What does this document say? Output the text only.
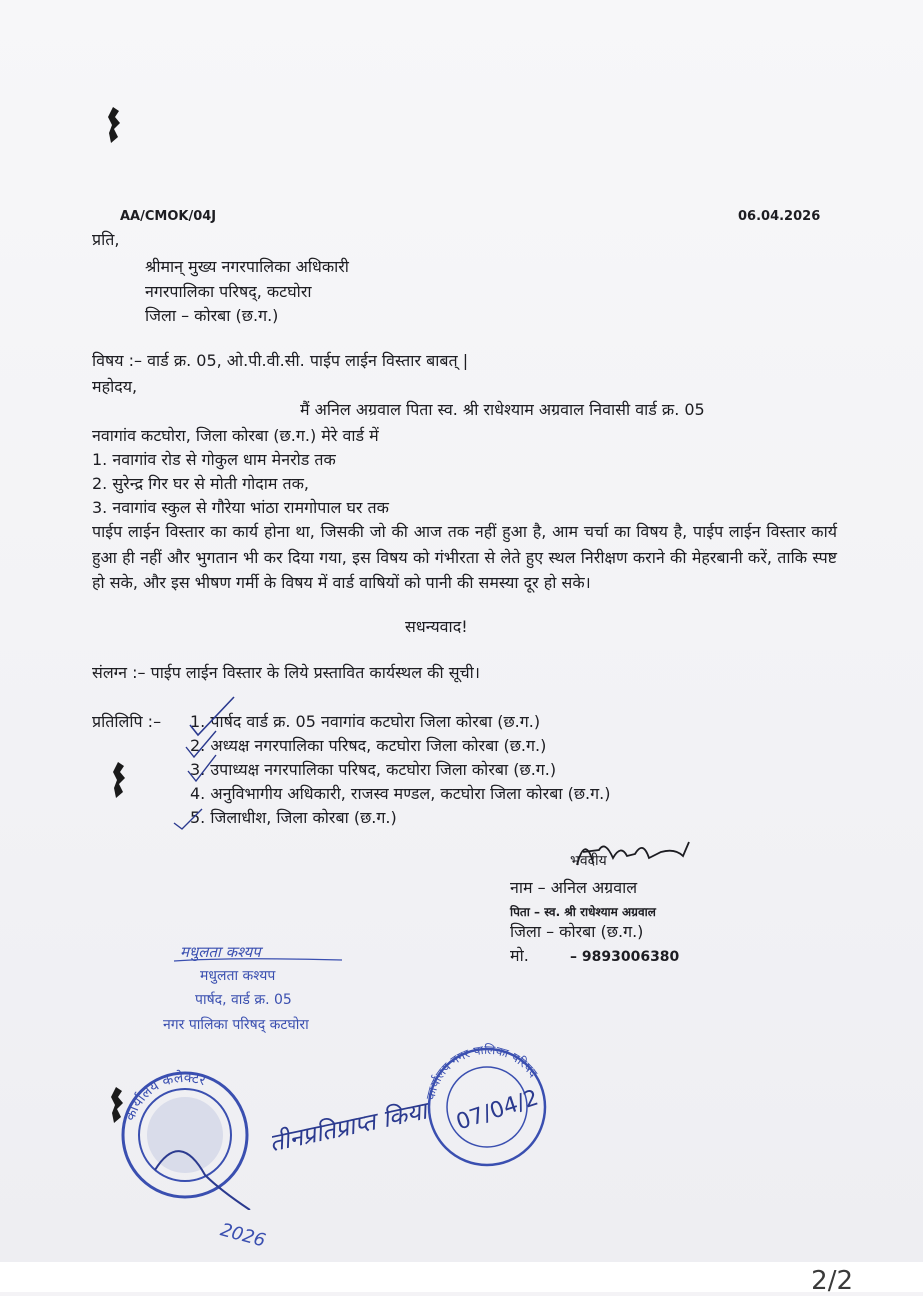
AA/CMOK/04J	06.04.2026
प्रति,
श्रीमान् मुख्य नगरपालिका अधिकारी
नगरपालिका परिषद्, कटघोरा
जिला – कोरबा (छ.ग.)
विषय :– वार्ड क्र. 05, ओ.पी.वी.सी. पाईप लाईन विस्तार बाबत् |
महोदय,
मैं अनिल अग्रवाल पिता स्व. श्री राधेश्याम अग्रवाल निवासी वार्ड क्र. 05
नवागांव कटघोरा, जिला कोरबा (छ.ग.) मेरे वार्ड में
1. नवागांव रोड से गोकुल धाम मेनरोड तक
2. सुरेन्द्र गिर घर से मोती गोदाम तक,
3. नवागांव स्कुल से गौरेया भांठा रामगोपाल घर तक
पाईप लाईन विस्तार का कार्य होना था, जिसकी जो की आज तक नहीं हुआ है, आम चर्चा का विषय है, पाईप लाईन विस्तार कार्य हुआ ही नहीं और भुगतान भी कर दिया गया, इस विषय को गंभीरता से लेते हुए स्थल निरीक्षण कराने की मेहरबानी करें, ताकि स्पष्ट हो सके, और इस भीषण गर्मी के विषय में वार्ड वाषियों को पानी की समस्या दूर हो सके।
सधन्यवाद!
संलग्न :– पाईप लाईन विस्तार के लिये प्रस्तावित कार्यस्थल की सूची।
प्रतिलिपि :– 1. पार्षद वार्ड क्र. 05 नवागांव कटघोरा जिला कोरबा (छ.ग.)
2. अध्यक्ष नगरपालिका परिषद, कटघोरा जिला कोरबा (छ.ग.)
3. उपाध्यक्ष नगरपालिका परिषद, कटघोरा जिला कोरबा (छ.ग.)
4. अनुविभागीय अधिकारी, राजस्व मण्डल, कटघोरा जिला कोरबा (छ.ग.)
5. जिलाधीश, जिला कोरबा (छ.ग.)
भवदीय
नाम – अनिल अग्रवाल
पिता – स्व. श्री राधेश्याम अग्रवाल
जिला – कोरबा (छ.ग.)
मो.	– 9893006380
मधुलता कश्यप
मधुलता कश्यप
पार्षद, वार्ड क्र. 05
नगर पालिका परिषद् कटघोरा
कार्यालय कलेक्टर
2026
तीनप्रतिप्राप्त किया
कार्यालय नगर पालिका परिषद
07/04/2
2/2
